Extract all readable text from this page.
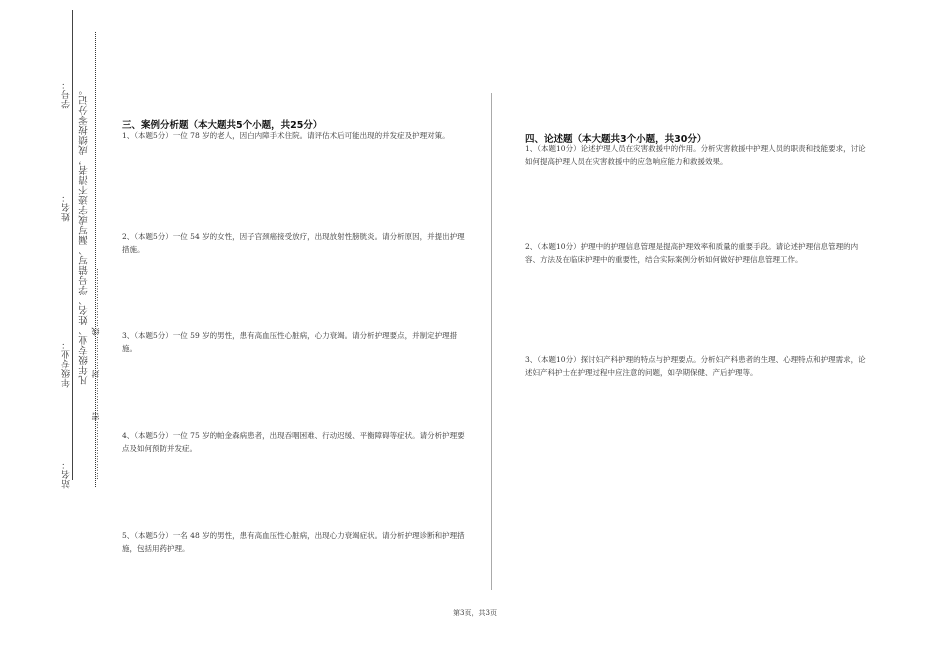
学号：
姓名：
年级专业：
站名：
凡年级专业、姓名、学号错写、漏写或字迹不清者，成绩按零分记。 …………………密…………封…………线…………………
三、案例分析题（本大题共5个小题，共25分）
1、（本题5分）一位 78 岁的老人，因白内障手术住院。请评估术后可能出现的并发症及护理对策。
2、（本题5分）一位 54 岁的女性，因子宫颈癌接受放疗，出现放射性膀胱炎。请分析原因，并提出护理措施。
3、（本题5分）一位 59 岁的男性，患有高血压性心脏病，心力衰竭。请分析护理要点，并制定护理措施。
4、（本题5分）一位 75 岁的帕金森病患者，出现吞咽困难、行动迟缓、平衡障碍等症状。请分析护理要点及如何预防并发症。
5、（本题5分）一名 48 岁的男性，患有高血压性心脏病，出现心力衰竭症状。请分析护理诊断和护理措施，包括用药护理。
四、论述题（本大题共3个小题，共30分）
1、（本题10分）论述护理人员在灾害救援中的作用。分析灾害救援中护理人员的职责和技能要求，讨论如何提高护理人员在灾害救援中的应急响应能力和救援效果。
2、（本题10分）护理中的护理信息管理是提高护理效率和质量的重要手段。请论述护理信息管理的内容、方法及在临床护理中的重要性，结合实际案例分析如何做好护理信息管理工作。
3、（本题10分）探讨妇产科护理的特点与护理要点。分析妇产科患者的生理、心理特点和护理需求，论述妇产科护士在护理过程中应注意的问题，如孕期保健、产后护理等。
第3页，共3页
